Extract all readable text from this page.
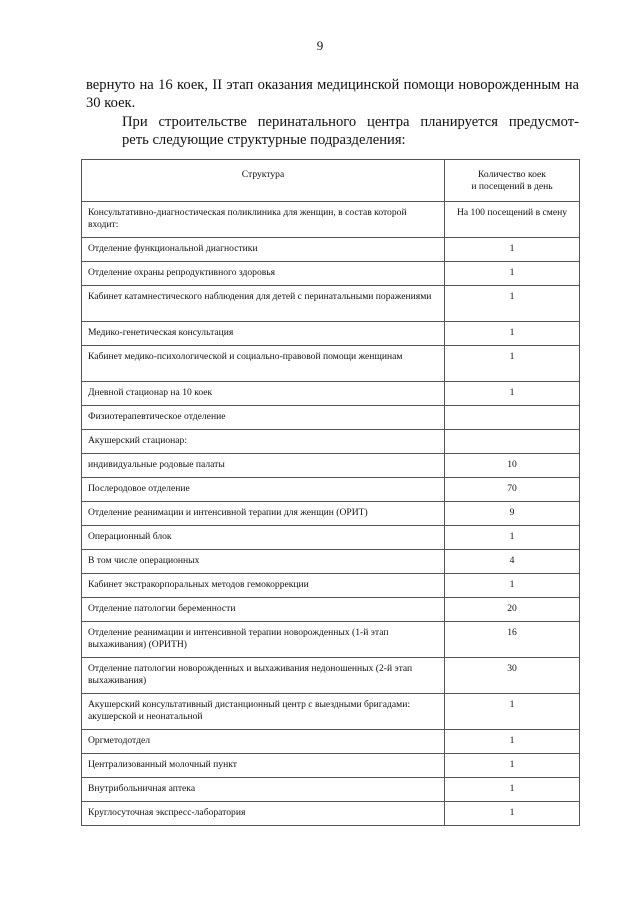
9
вернуто на 16 коек, II этап оказания медицинской помощи новорожденным на 30 коек.
При строительстве перинатального центра планируется предусмот-
реть следующие структурные подразделения:
Структура	Количество коек
и посещений в день

Консультативно-диагностическая поликлиника для женщин, в состав которой входит:	На 100 посещений в смену
Отделение функциональной диагностики	1
Отделение охраны репродуктивного здоровья	1
Кабинет катамнестического наблюдения для детей с перинатальными поражениями	1
Медико-генетическая консультация	1
Кабинет медико-психологической и социально-правовой помощи женщинам	1
Дневной стационар на 10 коек	1
Физиотерапевтическое отделение	
Акушерский стационар:	
индивидуальные родовые палаты	10
Послеродовое отделение	70
Отделение реанимации и интенсивной терапии для женщин (ОРИТ)	9
Операционный блок	1
В том числе операционных	4
Кабинет экстракорпоральных методов гемокоррекции	1
Отделение патологии беременности	20
Отделение реанимации и интенсивной терапии новорожденных (1-й этап выхаживания) (ОРИТН)	16
Отделение патологии новорожденных и выхаживания недоношенных (2-й этап выхаживания)	30
Акушерский консультативный дистанционный центр с выездными бригадами: акушерской и неонатальной	1
Оргметодотдел	1
Централизованный молочный пункт	1
Внутрибольничная аптека	1
Круглосуточная экспресс-лаборатория	1
